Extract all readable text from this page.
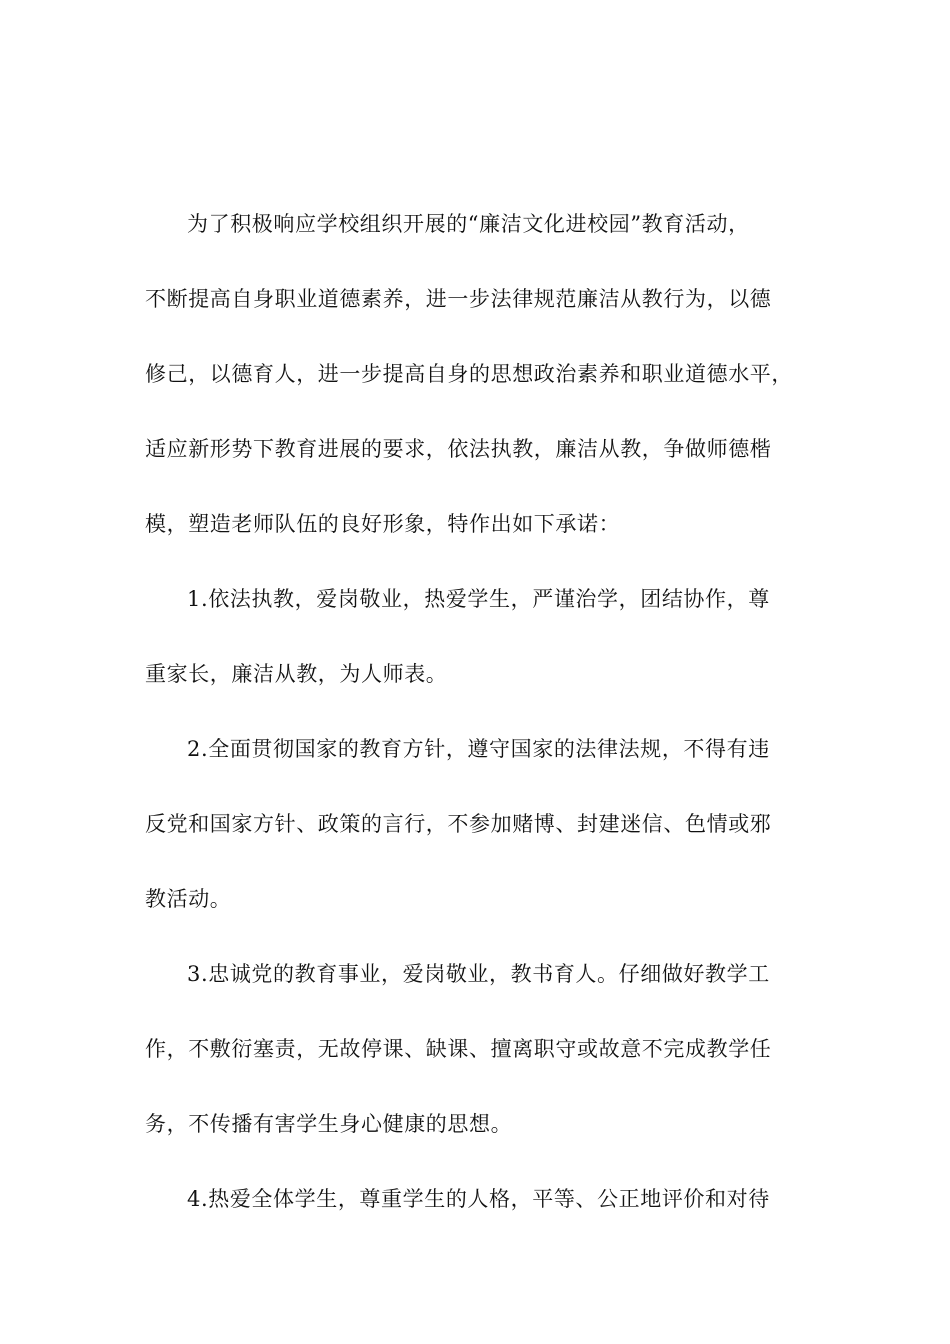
为了积极响应学校组织开展的“廉洁文化进校园”教育活动，
不断提高自身职业道德素养，进一步法律规范廉洁从教行为，以德
修己，以德育人，进一步提高自身的思想政治素养和职业道德水平，
适应新形势下教育进展的要求，依法执教，廉洁从教，争做师德楷
模，塑造老师队伍的良好形象，特作出如下承诺：
1.依法执教，爱岗敬业，热爱学生，严谨治学，团结协作，尊
重家长，廉洁从教，为人师表。
2.全面贯彻国家的教育方针，遵守国家的法律法规，不得有违
反党和国家方针、政策的言行，不参加赌博、封建迷信、色情或邪
教活动。
3.忠诚党的教育事业，爱岗敬业，教书育人。仔细做好教学工
作，不敷衍塞责，无故停课、缺课、擅离职守或故意不完成教学任
务，不传播有害学生身心健康的思想。
4.热爱全体学生，尊重学生的人格，平等、公正地评价和对待
